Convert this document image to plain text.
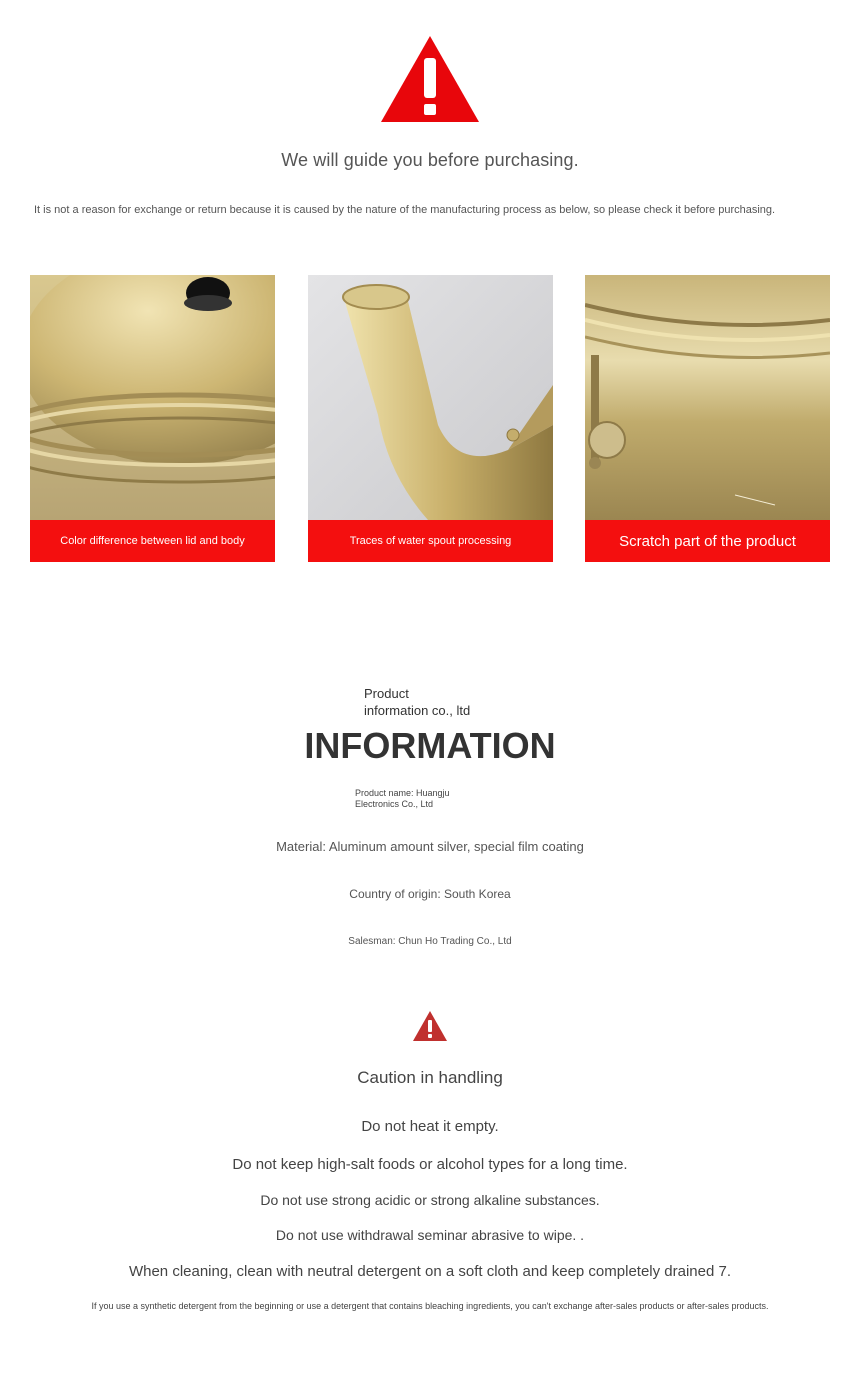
We will guide you before purchasing.
It is not a reason for exchange or return because it is caused by the nature of the manufacturing process as below, so please check it before purchasing.
Color difference between lid and body	Traces of water spout processing	Scratch part of the product
Product
information co., ltd
INFORMATION
Product name: Huangju
Electronics Co., Ltd
Material: Aluminum amount silver, special film coating
Country of origin: South Korea
Salesman: Chun Ho Trading Co., Ltd
Caution in handling
Do not heat it empty.
Do not keep high-salt foods or alcohol types for a long time.
Do not use strong acidic or strong alkaline substances.
Do not use withdrawal seminar abrasive to wipe. .
When cleaning, clean with neutral detergent on a soft cloth and keep completely drained 7.
If you use a synthetic detergent from the beginning or use a detergent that contains bleaching ingredients, you can't exchange after-sales products or after-sales products.
